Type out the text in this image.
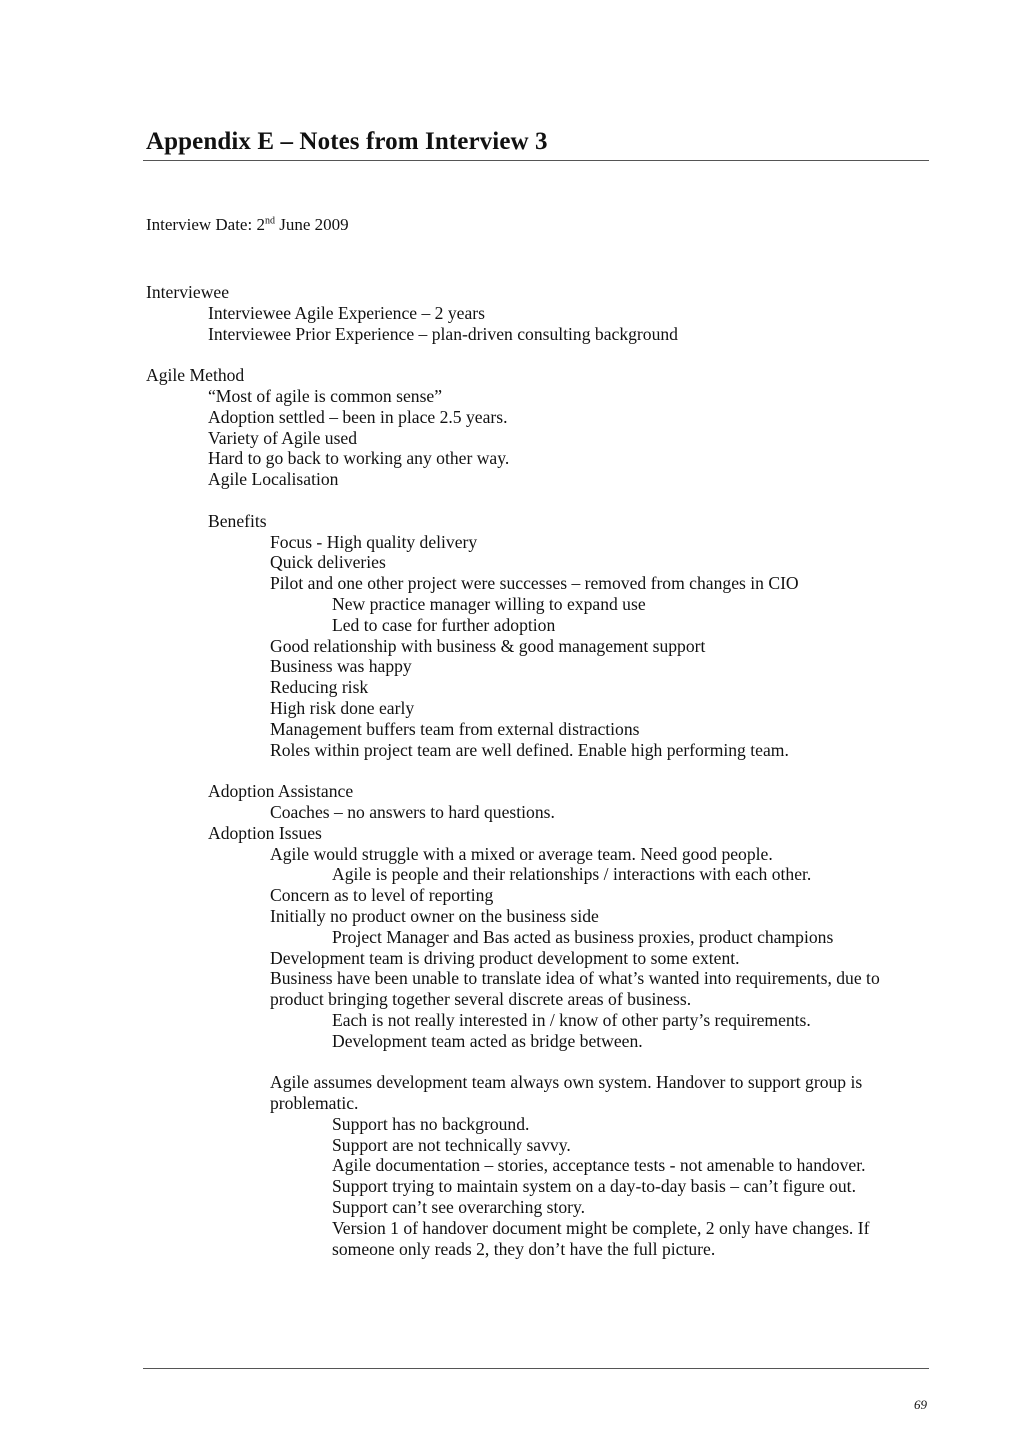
Appendix E – Notes from Interview 3
Interview Date: 2nd June 2009
Interviewee
Interviewee Agile Experience – 2 years
Interviewee Prior Experience – plan-driven consulting background
Agile Method
“Most of agile is common sense”
Adoption settled – been in place 2.5 years.
Variety of Agile used
Hard to go back to working any other way.
Agile Localisation
Benefits
Focus - High quality delivery
Quick deliveries
Pilot and one other project were successes – removed from changes in CIO
New practice manager willing to expand use
Led to case for further adoption
Good relationship with business & good management support
Business was happy
Reducing risk
High risk done early
Management buffers team from external distractions
Roles within project team are well defined. Enable high performing team.
Adoption Assistance
Coaches – no answers to hard questions.
Adoption Issues
Agile would struggle with a mixed or average team. Need good people.
Agile is people and their relationships / interactions with each other.
Concern as to level of reporting
Initially no product owner on the business side
Project Manager and Bas acted as business proxies, product champions
Development team is driving product development to some extent.
Business have been unable to translate idea of what’s wanted into requirements, due to product bringing together several discrete areas of business.
Each is not really interested in / know of other party’s requirements.
Development team acted as bridge between.
Agile assumes development team always own system. Handover to support group is problematic.
Support has no background.
Support are not technically savvy.
Agile documentation – stories, acceptance tests - not amenable to handover.
Support trying to maintain system on a day-to-day basis – can’t figure out.
Support can’t see overarching story.
Version 1 of handover document might be complete, 2 only have changes. If someone only reads 2, they don’t have the full picture.
69
